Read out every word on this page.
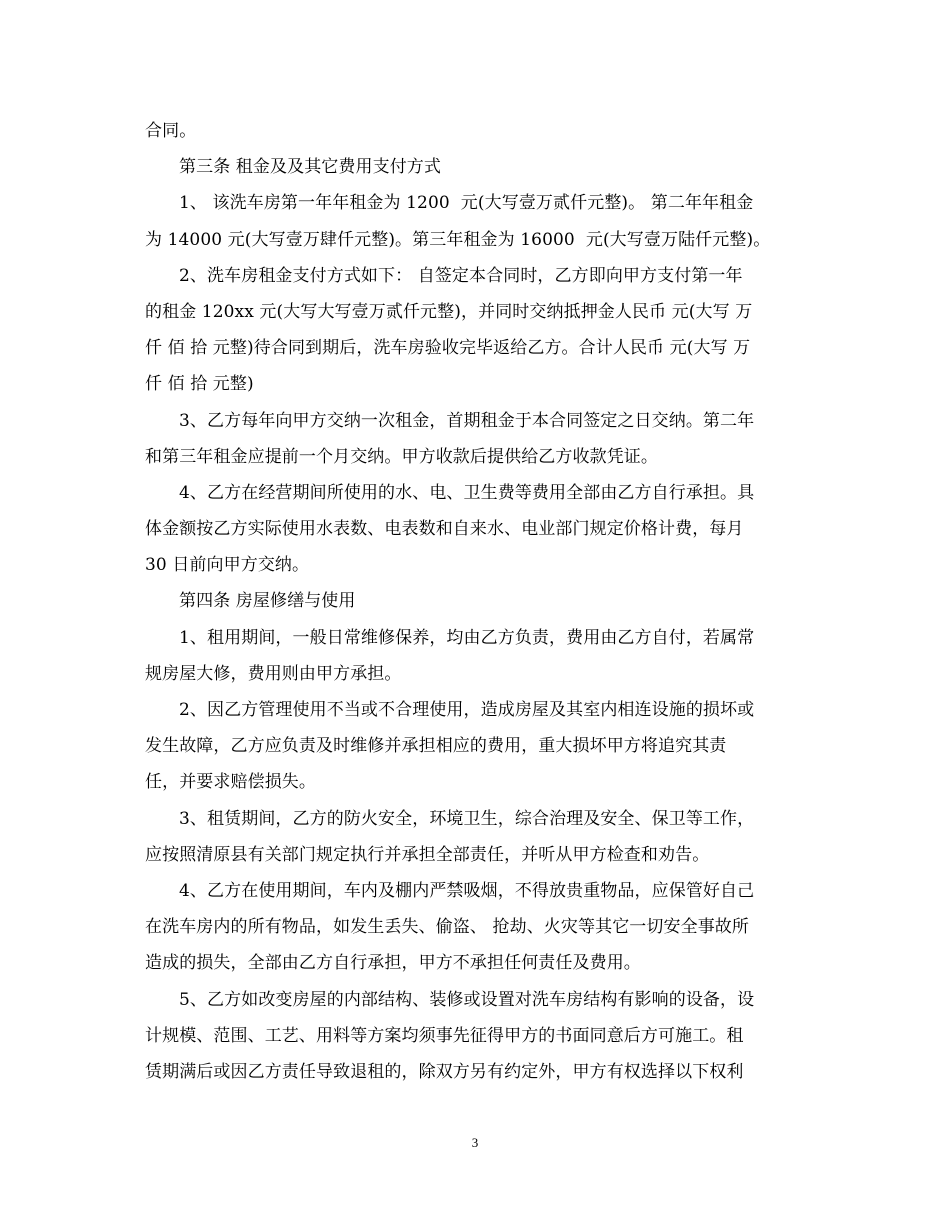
合同。
第三条 租金及及其它费用支付方式
1、 该洗车房第一年年租金为 1200  元(大写壹万贰仟元整)。 第二年年租金
为 14000 元(大写壹万肆仟元整)。第三年租金为 16000  元(大写壹万陆仟元整)。
2、洗车房租金支付方式如下： 自签定本合同时，乙方即向甲方支付第一年
的租金 120xx 元(大写大写壹万贰仟元整)，并同时交纳抵押金人民币 元(大写 万
仟 佰 拾 元整)待合同到期后，洗车房验收完毕返给乙方。合计人民币 元(大写 万
仟 佰 拾 元整)
3、乙方每年向甲方交纳一次租金，首期租金于本合同签定之日交纳。第二年
和第三年租金应提前一个月交纳。甲方收款后提供给乙方收款凭证。
4、乙方在经营期间所使用的水、电、卫生费等费用全部由乙方自行承担。具
体金额按乙方实际使用水表数、电表数和自来水、电业部门规定价格计费，每月
30 日前向甲方交纳。
第四条 房屋修缮与使用
1、租用期间，一般日常维修保养，均由乙方负责，费用由乙方自付，若属常
规房屋大修，费用则由甲方承担。
2、因乙方管理使用不当或不合理使用，造成房屋及其室内相连设施的损坏或
发生故障，乙方应负责及时维修并承担相应的费用，重大损坏甲方将追究其责
任，并要求赔偿损失。
3、租赁期间，乙方的防火安全，环境卫生，综合治理及安全、保卫等工作，
应按照清原县有关部门规定执行并承担全部责任，并听从甲方检查和劝告。
4、乙方在使用期间，车内及棚内严禁吸烟，不得放贵重物品，应保管好自己
在洗车房内的所有物品，如发生丢失、偷盗、 抢劫、火灾等其它一切安全事故所
造成的损失，全部由乙方自行承担，甲方不承担任何责任及费用。
5、乙方如改变房屋的内部结构、装修或设置对洗车房结构有影响的设备，设
计规模、范围、工艺、用料等方案均须事先征得甲方的书面同意后方可施工。租
赁期满后或因乙方责任导致退租的，除双方另有约定外，甲方有权选择以下权利
3
